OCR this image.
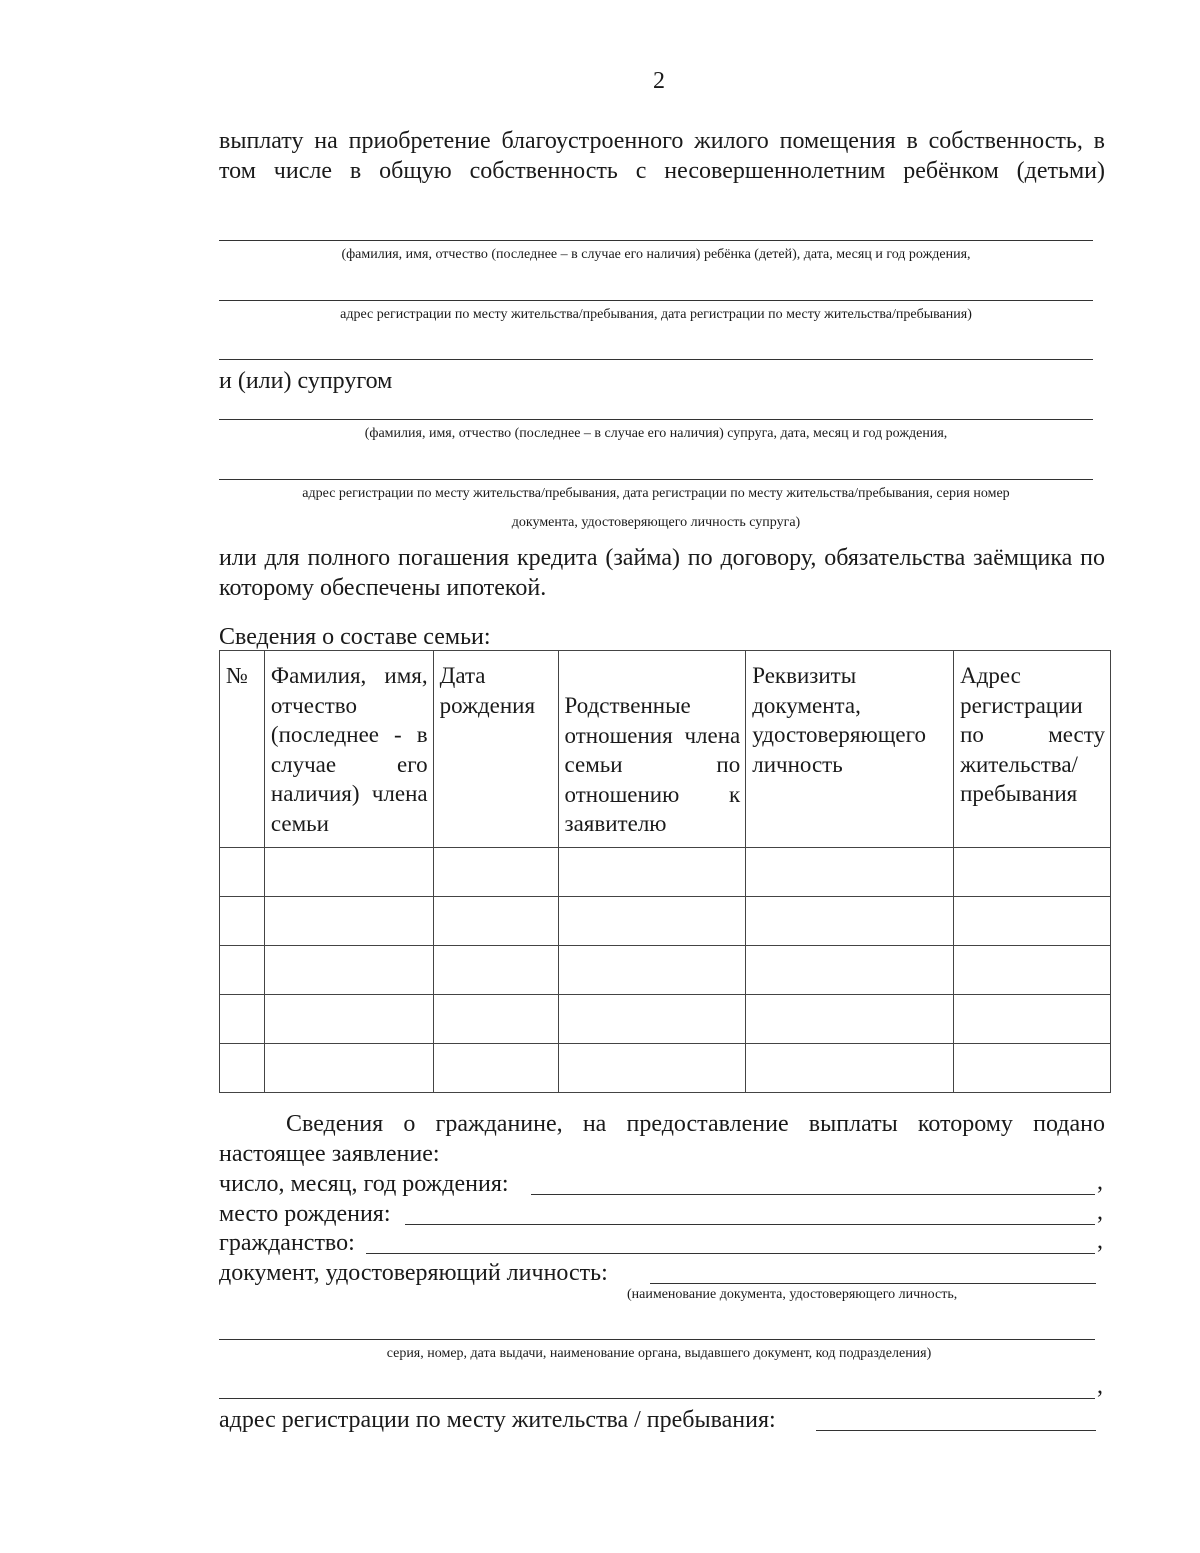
2
выплату на приобретение благоустроенного жилого помещения в собственность, в том числе в общую собственность с несовершеннолетним ребёнком (детьми)
(фамилия, имя, отчество (последнее – в случае его наличия) ребёнка (детей), дата, месяц и год рождения,
адрес регистрации по месту жительства/пребывания, дата регистрации по месту жительства/пребывания)
и (или) супругом
(фамилия, имя, отчество (последнее – в случае его наличия) супруга, дата, месяц и год рождения,
адрес регистрации по месту жительства/пребывания, дата регистрации по месту жительства/пребывания, серия номер
документа, удостоверяющего личность супруга)
или для полного погашения кредита (займа) по договору, обязательства заёмщика по которому обеспечены ипотекой.
Сведения о составе семьи:
№	Фамилия, имя, отчество (последнее - в случае его наличия) члена семьи	Дата рождения	Родственные отношения члена семьи по отношению к заявителю	Реквизиты документа, удостоверяющего личность	Адрес регистрации по месту жительства/ пребывания

Сведения о гражданине, на предоставление выплаты которому подано настоящее заявление:
число, месяц, год рождения:	,
место рождения:	,
гражданство:	,
документ, удостоверяющий личность:
(наименование документа, удостоверяющего личность,
серия, номер, дата выдачи, наименование органа, выдавшего документ, код подразделения)
,
адрес регистрации по месту жительства / пребывания:
